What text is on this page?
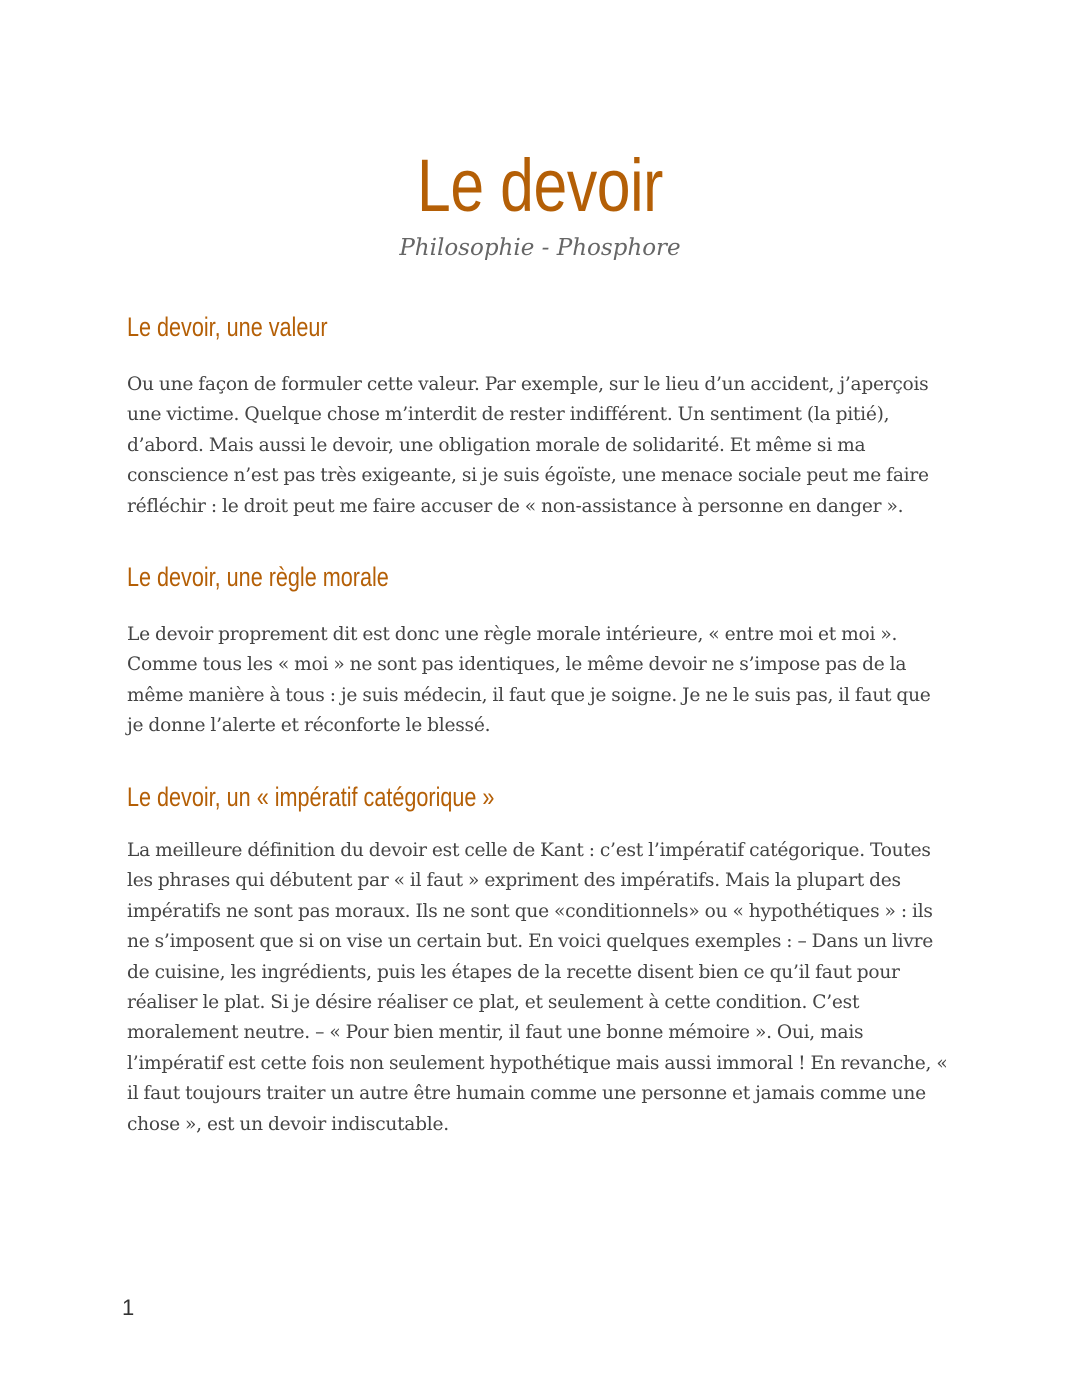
Le devoir
Philosophie - Phosphore
Le devoir, une valeur

Ou une façon de formuler cette valeur. Par exemple, sur le lieu d’un accident, j’aperçois
une victime. Quelque chose m’interdit de rester indifférent. Un sentiment (la pitié),
d’abord. Mais aussi le devoir, une obligation morale de solidarité. Et même si ma
conscience n’est pas très exigeante, si je suis égoïste, une menace sociale peut me faire
réfléchir : le droit peut me faire accuser de « non-assistance à personne en danger ».

Le devoir, une règle morale

Le devoir proprement dit est donc une règle morale intérieure, « entre moi et moi ».
Comme tous les « moi » ne sont pas identiques, le même devoir ne s’impose pas de la
même manière à tous : je suis médecin, il faut que je soigne. Je ne le suis pas, il faut que
je donne l’alerte et réconforte le blessé.

Le devoir, un « impératif catégorique »

La meilleure définition du devoir est celle de Kant : c’est l’impératif catégorique. Toutes
les phrases qui débutent par « il faut » expriment des impératifs. Mais la plupart des
impératifs ne sont pas moraux. Ils ne sont que «conditionnels» ou « hypothétiques » : ils
ne s’imposent que si on vise un certain but. En voici quelques exemples : – Dans un livre
de cuisine, les ingrédients, puis les étapes de la recette disent bien ce qu’il faut pour
réaliser le plat. Si je désire réaliser ce plat, et seulement à cette condition. C’est
moralement neutre. – « Pour bien mentir, il faut une bonne mémoire ». Oui, mais
l’impératif est cette fois non seulement hypothétique mais aussi immoral ! En revanche, «
il faut toujours traiter un autre être humain comme une personne et jamais comme une
chose », est un devoir indiscutable.

1
